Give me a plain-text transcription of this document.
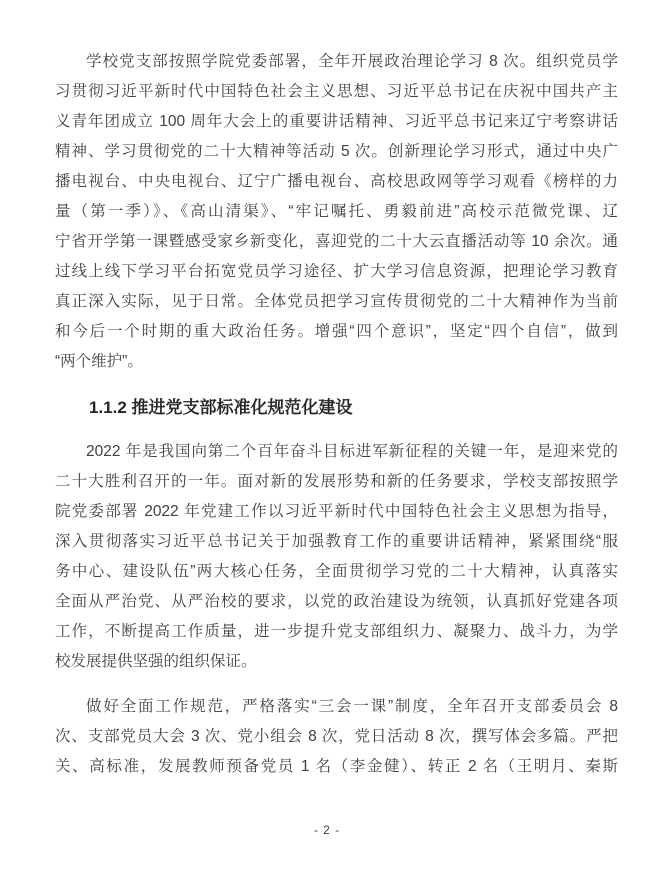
学校党支部按照学院党委部署，全年开展政治理论学习 8 次。组织党员学
习贯彻习近平新时代中国特色社会主义思想、习近平总书记在庆祝中国共产主
义青年团成立 100 周年大会上的重要讲话精神、习近平总书记来辽宁考察讲话
精神、学习贯彻党的二十大精神等活动 5 次。创新理论学习形式，通过中央广
播电视台、中央电视台、辽宁广播电视台、高校思政网等学习观看《榜样的力
量（第一季）》、《高山清渠》、“牢记嘱托、勇毅前进”高校示范微党课、辽
宁省开学第一课暨感受家乡新变化，喜迎党的二十大云直播活动等 10 余次。通
过线上线下学习平台拓宽党员学习途径、扩大学习信息资源，把理论学习教育
真正深入实际，见于日常。全体党员把学习宣传贯彻党的二十大精神作为当前
和今后一个时期的重大政治任务。增强“四个意识”，坚定“四个自信”，做到
“两个维护”。
1.1.2 推进党支部标准化规范化建设
2022 年是我国向第二个百年奋斗目标进军新征程的关键一年，是迎来党的
二十大胜利召开的一年。面对新的发展形势和新的任务要求，学校支部按照学
院党委部署 2022 年党建工作以习近平新时代中国特色社会主义思想为指导，
深入贯彻落实习近平总书记关于加强教育工作的重要讲话精神，紧紧围绕“服
务中心、建设队伍”两大核心任务，全面贯彻学习党的二十大精神，认真落实
全面从严治党、从严治校的要求，以党的政治建设为统领，认真抓好党建各项
工作，不断提高工作质量，进一步提升党支部组织力、凝聚力、战斗力，为学
校发展提供坚强的组织保证。
做好全面工作规范，严格落实“三会一课”制度，全年召开支部委员会 8
次、支部党员大会 3 次、党小组会 8 次，党日活动 8 次，撰写体会多篇。严把
关、高标准，发展教师预备党员 1 名（李金健）、转正 2 名（王明月、秦斯
- 2 -
